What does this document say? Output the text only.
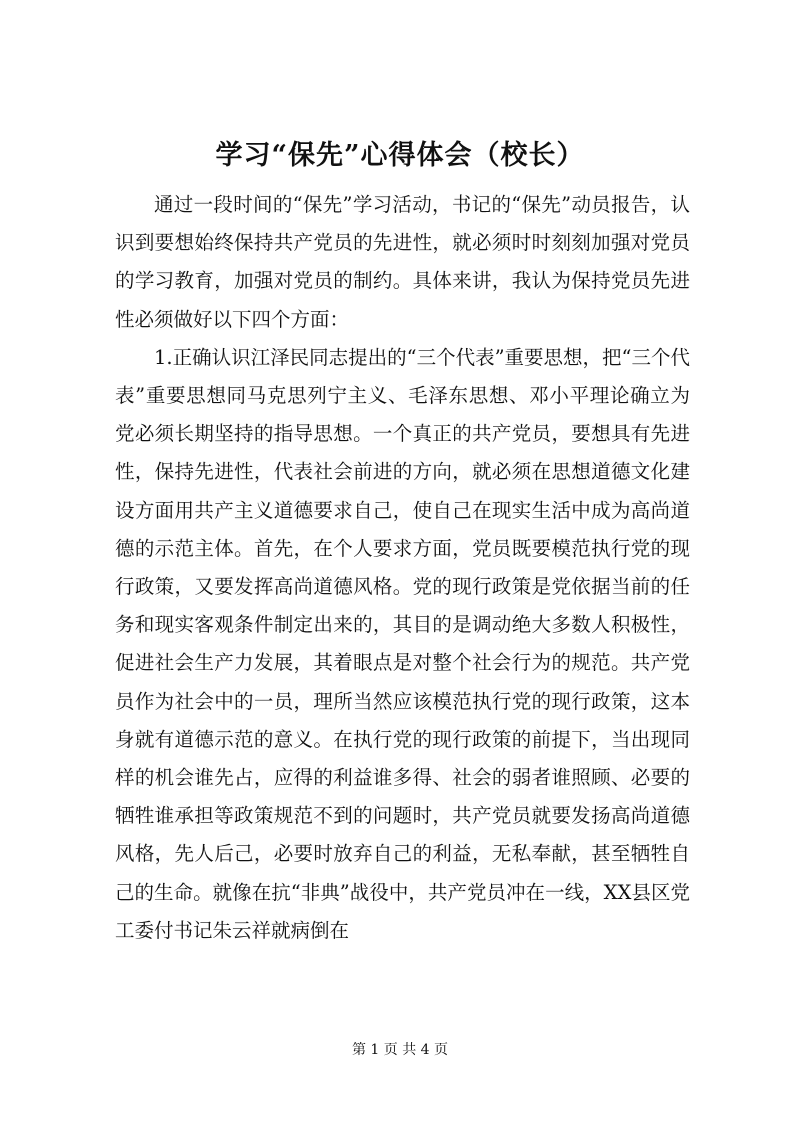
学习“保先”心得体会（校长）

通过一段时间的“保先”学习活动，书记的“保先”动员报告，认识到要想始终保持共产党员的先进性，就必须时时刻刻加强对党员的学习教育，加强对党员的制约。具体来讲，我认为保持党员先进性必须做好以下四个方面：

1.正确认识江泽民同志提出的“三个代表”重要思想，把“三个代表”重要思想同马克思列宁主义、毛泽东思想、邓小平理论确立为党必须长期坚持的指导思想。一个真正的共产党员，要想具有先进性，保持先进性，代表社会前进的方向，就必须在思想道德文化建设方面用共产主义道德要求自己，使自己在现实生活中成为高尚道德的示范主体。首先，在个人要求方面，党员既要模范执行党的现行政策，又要发挥高尚道德风格。党的现行政策是党依据当前的任务和现实客观条件制定出来的，其目的是调动绝大多数人积极性，促进社会生产力发展，其着眼点是对整个社会行为的规范。共产党员作为社会中的一员，理所当然应该模范执行党的现行政策，这本身就有道德示范的意义。在执行党的现行政策的前提下，当出现同样的机会谁先占，应得的利益谁多得、社会的弱者谁照顾、必要的牺牲谁承担等政策规范不到的问题时，共产党员就要发扬高尚道德风格，先人后己，必要时放弃自己的利益，无私奉献，甚至牺牲自己的生命。就像在抗“非典”战役中，共产党员冲在一线，XX县区党工委付书记朱云祥就病倒在

第 1 页 共 4 页
